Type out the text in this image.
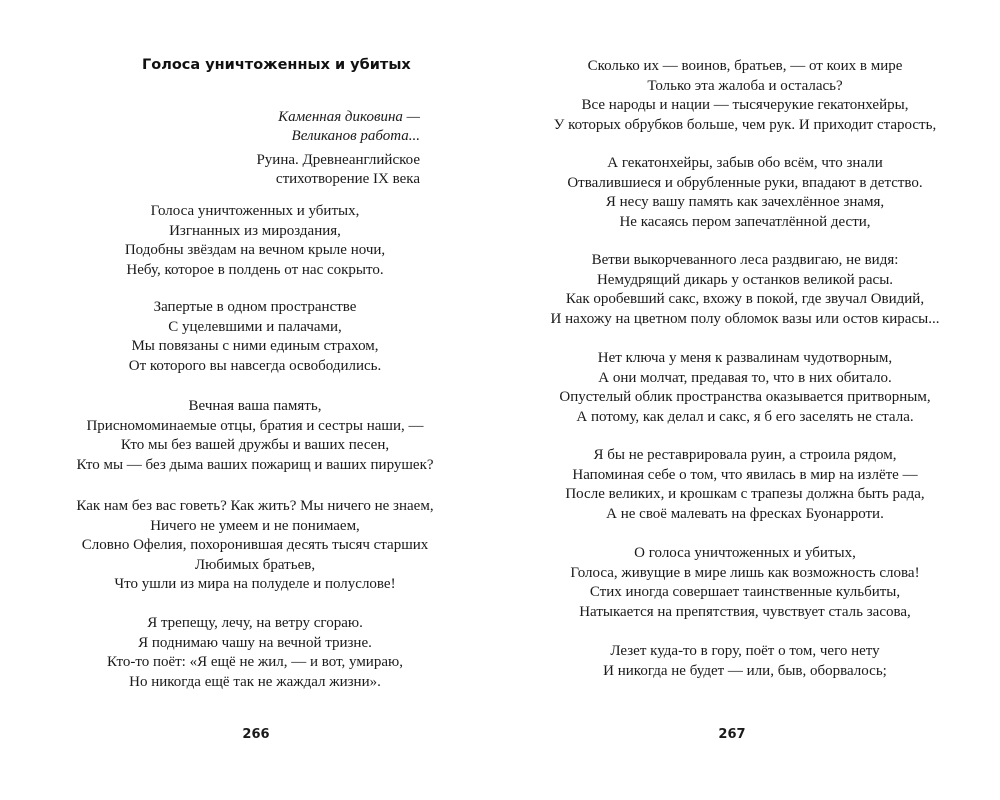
Голоса уничтоженных и убитых
Каменная диковина —
Великанов работа...
Руина. Древнеанглийское
стихотворение IX века
Голоса уничтоженных и убитых,
Изгнанных из мироздания,
Подобны звёздам на вечном крыле ночи,
Небу, которое в полдень от нас сокрыто.
Запертые в одном пространстве
С уцелевшими и палачами,
Мы повязаны с ними единым страхом,
От которого вы навсегда освободились.
Вечная ваша память,
Присномоминаемые отцы, братия и сестры наши, —
Кто мы без вашей дружбы и ваших песен,
Кто мы — без дыма ваших пожарищ и ваших пирушек?
Как нам без вас говеть? Как жить? Мы ничего не знаем,
Ничего не умеем и не понимаем,
Словно Офелия, похоронившая десять тысяч старших
Любимых братьев,
Что ушли из мира на полуделе и полуслове!
Я трепещу, лечу, на ветру сгораю.
Я поднимаю чашу на вечной тризне.
Кто-то поёт: «Я ещё не жил, — и вот, умираю,
Но никогда ещё так не жаждал жизни».
266
Сколько их — воинов, братьев, — от коих в мире
Только эта жалоба и осталась?
Все народы и нации — тысячерукие гекатонхейры,
У которых обрубков больше, чем рук. И приходит старость,
А гекатонхейры, забыв обо всём, что знали
Отвалившиеся и обрубленные руки, впадают в детство.
Я несу вашу память как зачехлённое знамя,
Не касаясь пером запечатлённой дести,
Ветви выкорчеванного леса раздвигаю, не видя:
Немудрящий дикарь у останков великой расы.
Как оробевший сакс, вхожу в покой, где звучал Овидий,
И нахожу на цветном полу обломок вазы или остов кирасы...
Нет ключа у меня к развалинам чудотворным,
А они молчат, предавая то, что в них обитало.
Опустелый облик пространства оказывается притворным,
А потому, как делал и сакс, я б его заселять не стала.
Я бы не реставрировала руин, а строила рядом,
Напоминая себе о том, что явилась в мир на излёте —
После великих, и крошкам с трапезы должна быть рада,
А не своё малевать на фресках Буонарроти.
О голоса уничтоженных и убитых,
Голоса, живущие в мире лишь как возможность слова!
Стих иногда совершает таинственные кульбиты,
Натыкается на препятствия, чувствует сталь засова,
Лезет куда-то в гору, поёт о том, чего нету
И никогда не будет — или, быв, оборвалось;
267
